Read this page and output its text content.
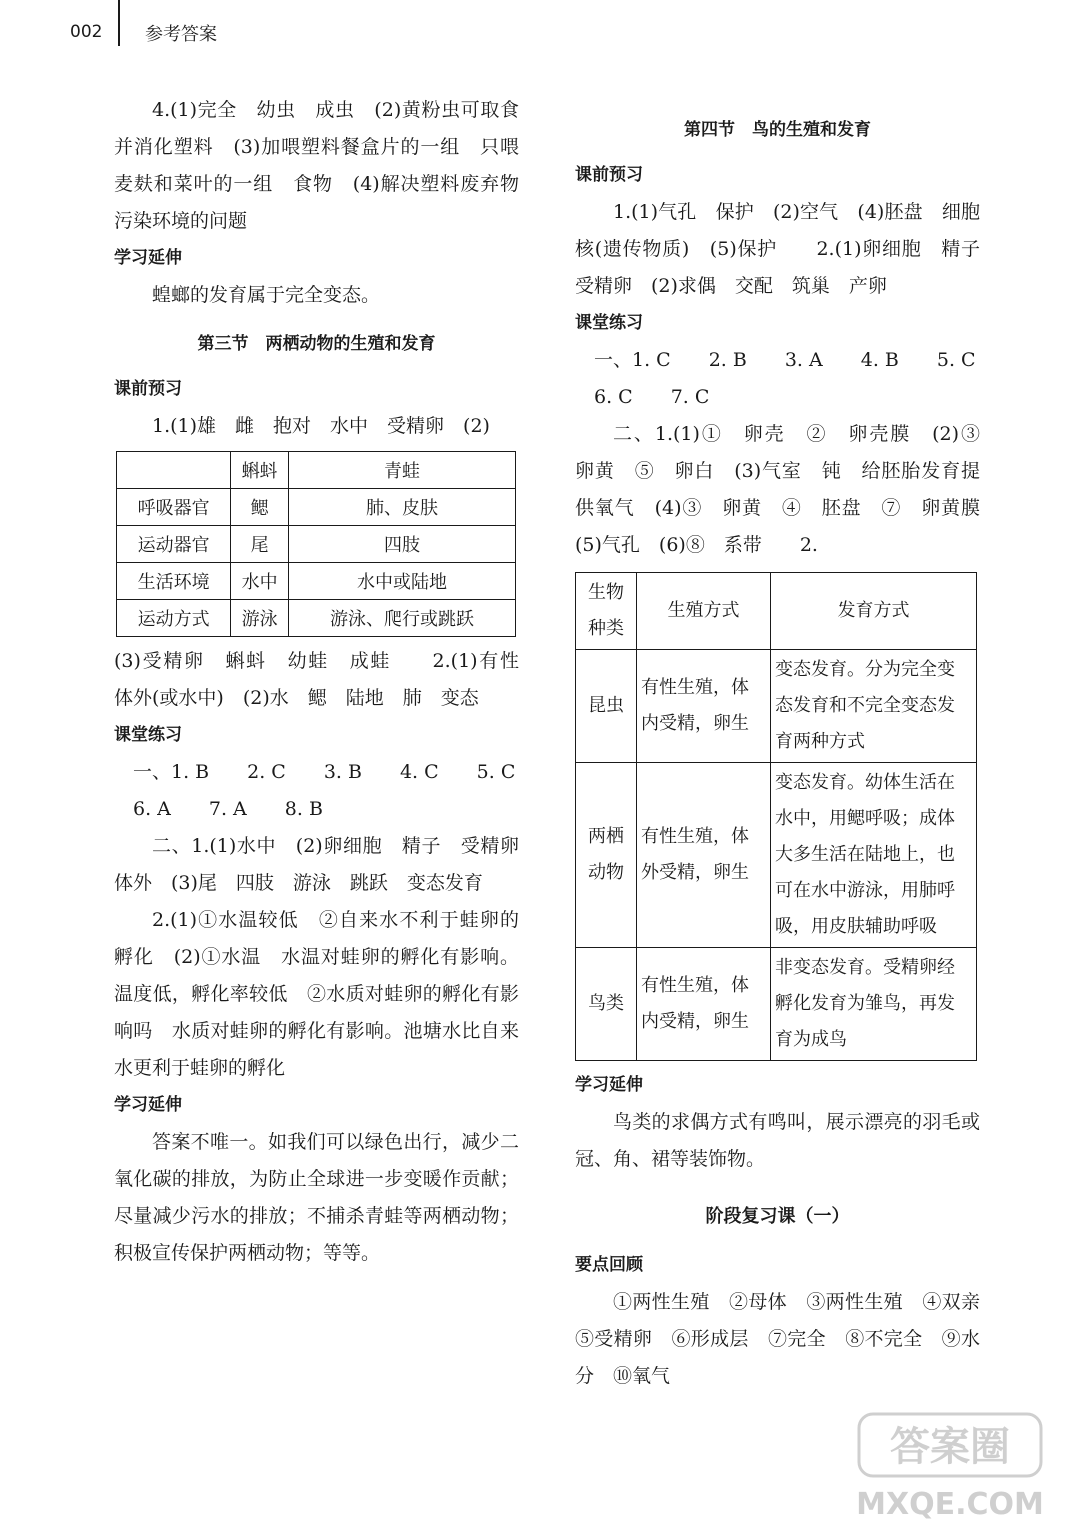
002 参考答案

4.(1)完全　幼虫　成虫　(2)黄粉虫可取食并消化塑料　(3)加喂塑料餐盒片的一组　只喂麦麸和菜叶的一组　食物　(4)解决塑料废弃物污染环境的问题

学习延伸

蝗螂的发育属于完全变态。

第三节　两栖动物的生殖和发育

课前预习

1.(1)雄　雌　抱对　水中　受精卵　(2)

	蝌蚪	青蛙
呼吸器官	鳃	肺、皮肤
运动器官	尾	四肢
生活环境	水中	水中或陆地
运动方式	游泳	游泳、爬行或跳跃

(3)受精卵　蝌蚪　幼蛙　成蛙　　2.(1)有性　体外(或水中)　(2)水　鳃　陆地　肺　变态

课堂练习

一、1. B　　2. C　　3. B　　4. C　　5. C

6. A　　7. A　　8. B

二、1.(1)水中　(2)卵细胞　精子　受精卵　体外　(3)尾　四肢　游泳　跳跃　变态发育

2.(1)①水温较低　②自来水不利于蛙卵的孵化　(2)①水温　水温对蛙卵的孵化有影响。温度低，孵化率较低　②水质对蛙卵的孵化有影响吗　水质对蛙卵的孵化有影响。池塘水比自来水更利于蛙卵的孵化

学习延伸

答案不唯一。如我们可以绿色出行，减少二氧化碳的排放，为防止全球进一步变暖作贡献；尽量减少污水的排放；不捕杀青蛙等两栖动物；积极宣传保护两栖动物；等等。

第四节　鸟的生殖和发育

课前预习

1.(1)气孔　保护　(2)空气　(4)胚盘　细胞核(遗传物质)　(5)保护　　2.(1)卵细胞　精子　受精卵　(2)求偶　交配　筑巢　产卵

课堂练习

一、1. C　　2. B　　3. A　　4. B　　5. C

6. C　　7. C

二、1.(1)①　卵壳　②　卵壳膜　(2)③　卵黄　⑤　卵白　(3)气室　钝　给胚胎发育提供氧气　(4)③　卵黄　④　胚盘　⑦　卵黄膜　(5)气孔　(6)⑧　系带　　2.

生物种类	生殖方式	发育方式
昆虫	有性生殖，体内受精，卵生	变态发育。分为完全变态发育和不完全变态发育两种方式
两栖动物	有性生殖，体外受精，卵生	变态发育。幼体生活在水中，用鳃呼吸；成体大多生活在陆地上，也可在水中游泳，用肺呼吸，用皮肤辅助呼吸
鸟类	有性生殖，体内受精，卵生	非变态发育。受精卵经孵化发育为雏鸟，再发育为成鸟

学习延伸

鸟类的求偶方式有鸣叫，展示漂亮的羽毛或冠、角、裙等装饰物。

阶段复习课（一）

要点回顾

①两性生殖　②母体　③两性生殖　④双亲　⑤受精卵　⑥形成层　⑦完全　⑧不完全　⑨水分　⑩氧气

答案圈
MXQE.COM
